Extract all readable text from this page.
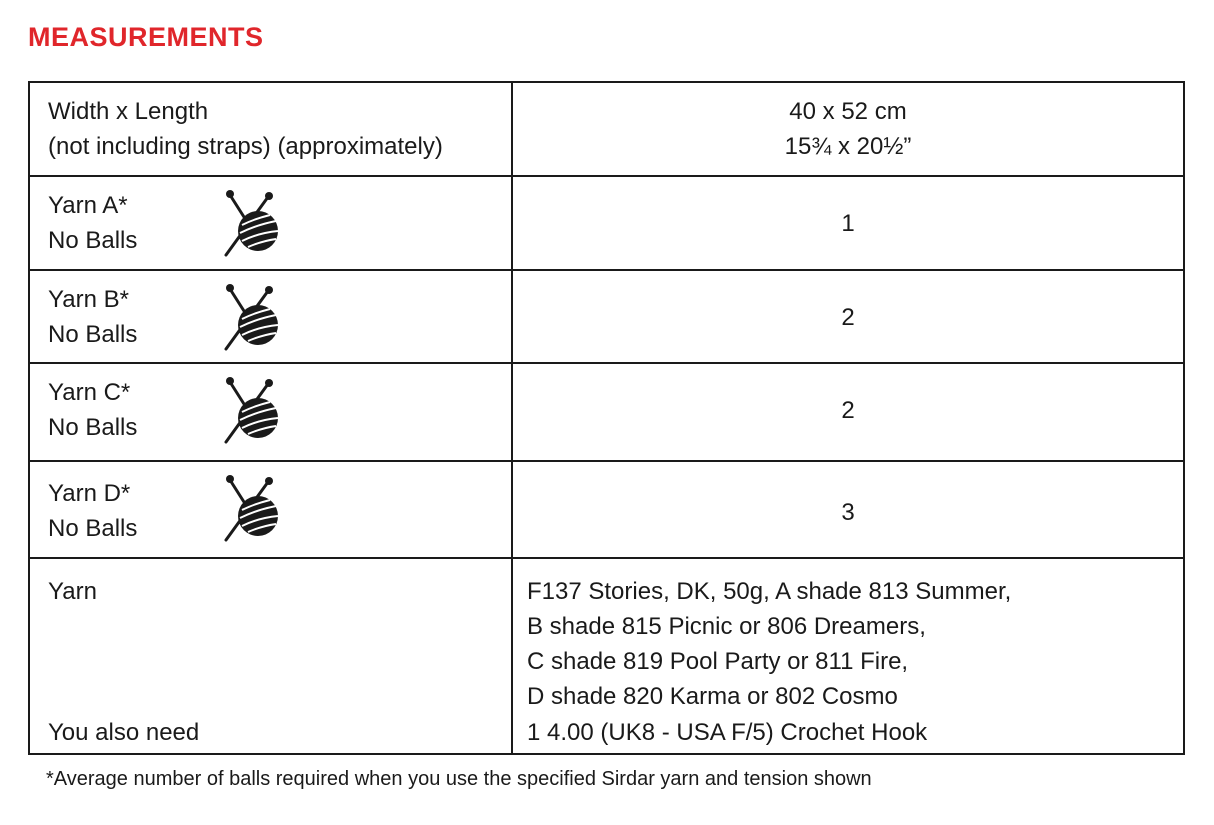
MEASUREMENTS
Width x Length
(not including straps) (approximately)
40 x 52 cm
15¾ x 20½”
Yarn A*
No Balls
1
Yarn B*
No Balls
2
Yarn C*
No Balls
2
Yarn D*
No Balls
3
Yarn
You also need
F137 Stories, DK, 50g, A shade 813 Summer,
B shade 815 Picnic or 806 Dreamers,
C shade 819 Pool Party or 811 Fire,
D shade 820 Karma or 802 Cosmo
1 4.00 (UK8 - USA F/5) Crochet Hook
*Average number of balls required when you use the specified Sirdar yarn and tension shown
